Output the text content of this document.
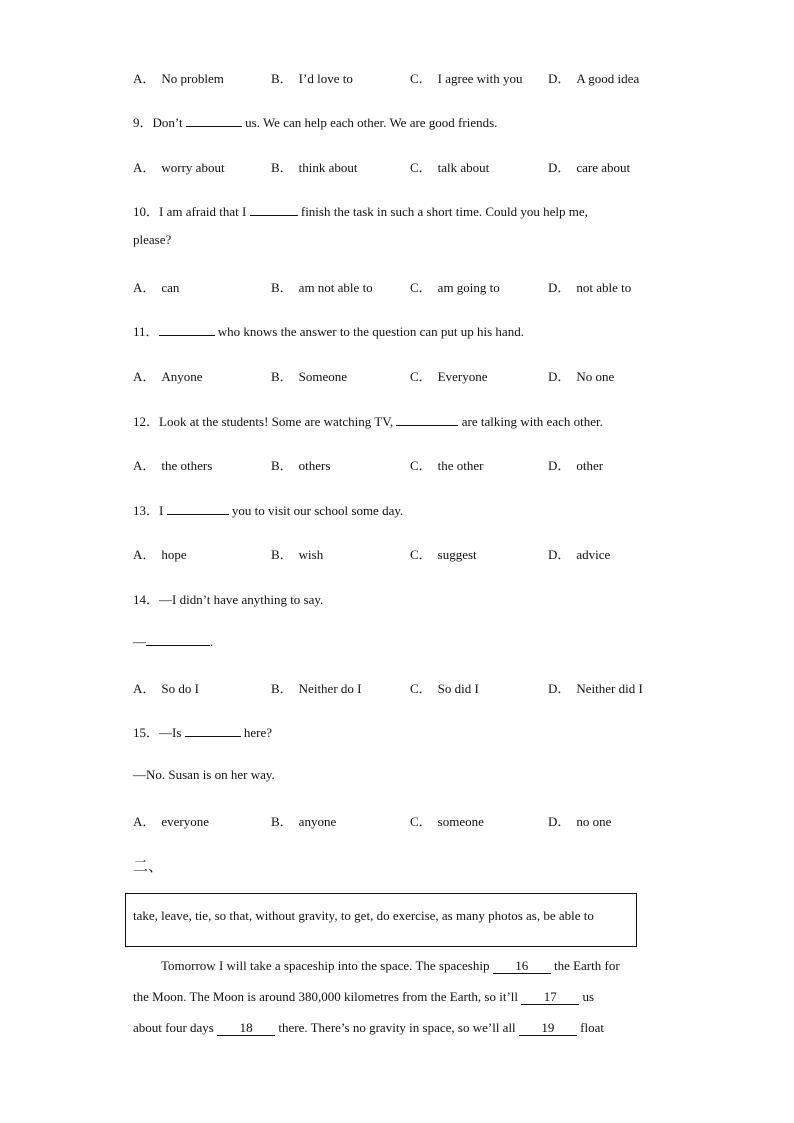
A． No problem	B． I’d love to	C． I agree with you D． A good idea
9．Don’t	us. We can help each other. We are good friends.
A． worry about	B． think about	C． talk about	D． care about
10．I am afraid that I	finish the task in such a short time. Could you help me,
please?
A． can	B． am not able to	C． am going to	D． not able to
11．	who knows the answer to the question can put up his hand.
A． Anyone	B． Someone	C． Everyone	D． No one
12．Look at the students! Some are watching TV,	are talking with each other.
A． the others	B． others	C． the other	D． other
13．I	you to visit our school some day.
A． hope	B． wish	C． suggest	D． advice
14．—I didn’t have anything to say.
—	.
A． So do I	B． Neither do I	C． So did I	D． Neither did I
15．—Is	here?
—No. Susan is on her way.
A． everyone	B． anyone	C． someone	D． no one
二、
take, leave, tie, so that, without gravity, to get, do exercise, as many photos as, be able to
Tomorrow I will take a spaceship into the space. The spaceship 16 the Earth for
the Moon. The Moon is around 380,000 kilometres from the Earth, so it’ll 17 us
about four days 18 there. There’s no gravity in space, so we’ll all 19 float
